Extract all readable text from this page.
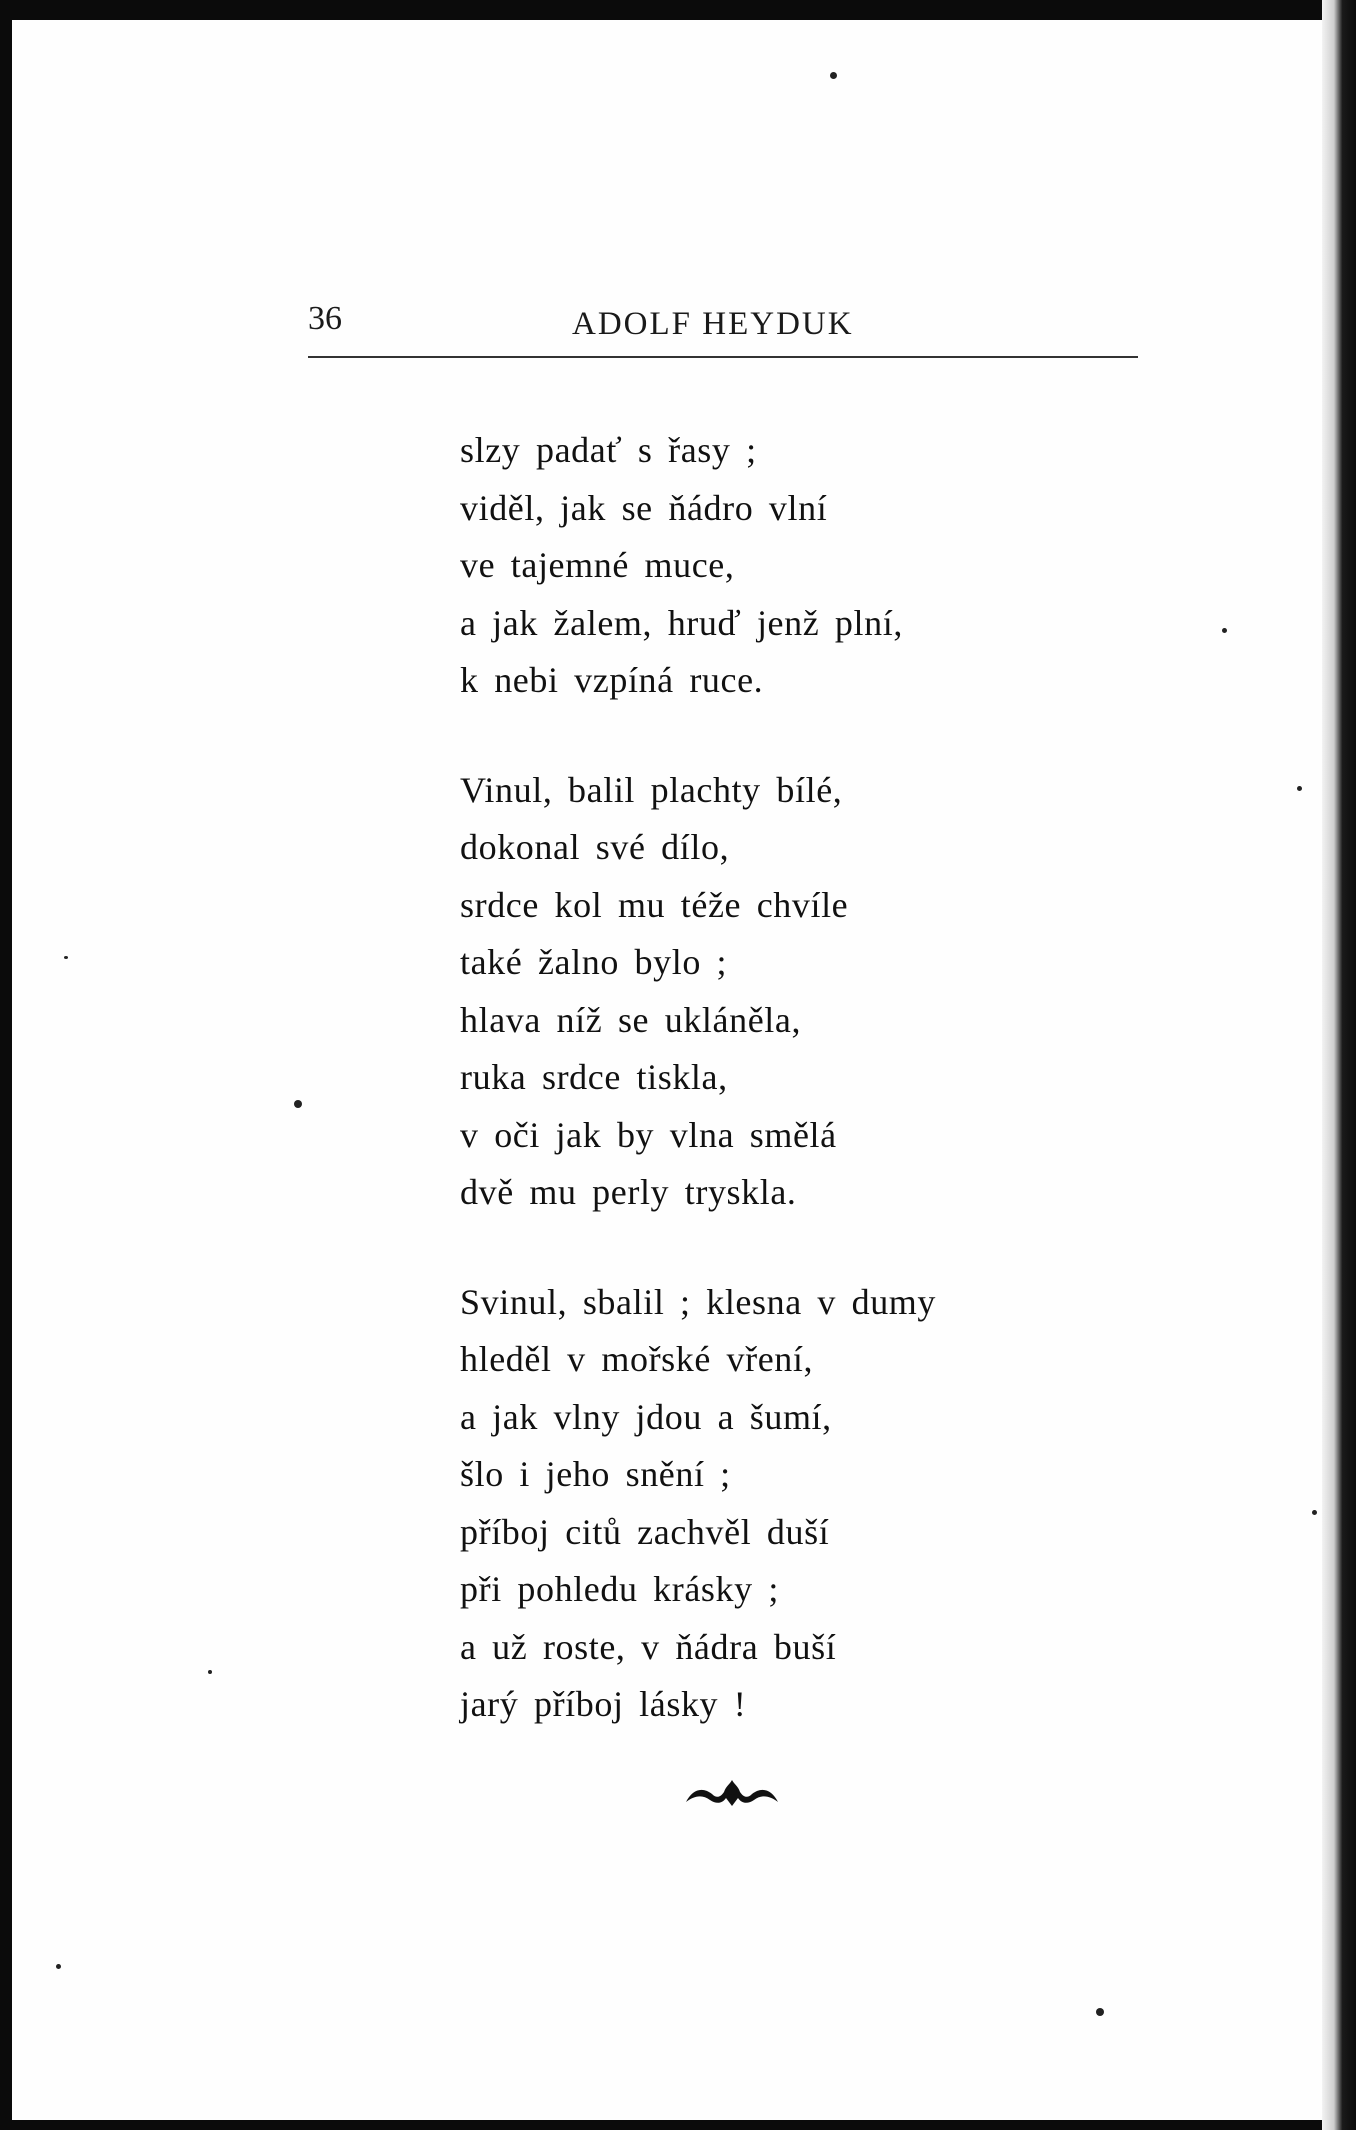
36	ADOLF HEYDUK
slzy padať s řasy ;
viděl, jak se ňádro vlní
ve tajemné muce,
a jak žalem, hruď jenž plní,
k nebi vzpíná ruce.
Vinul, balil plachty bílé,
dokonal své dílo,
srdce kol mu téže chvíle
také žalno bylo ;
hlava níž se ukláněla,
ruka srdce tiskla,
v oči jak by vlna smělá
dvě mu perly tryskla.
Svinul, sbalil ; klesna v dumy
hleděl v mořské vření,
a jak vlny jdou a šumí,
šlo i jeho snění ;
příboj citů zachvěl duší
při pohledu krásky ;
a už roste, v ňádra buší
jarý příboj lásky !
